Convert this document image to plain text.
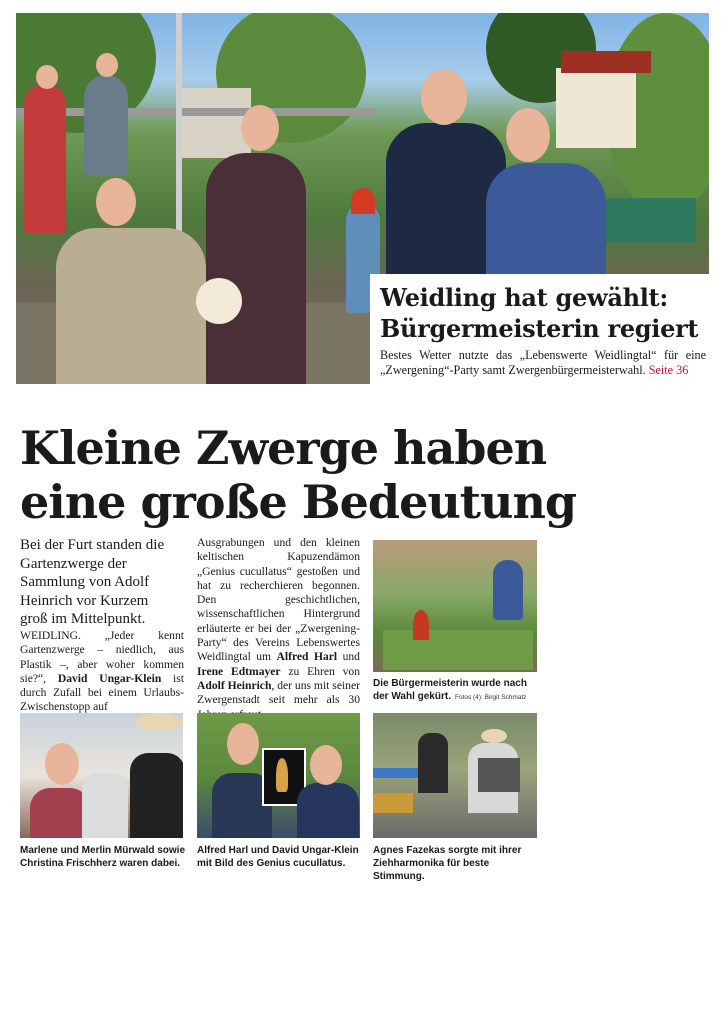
Weidling hat gewählt:
Bürgermeisterin regiert
Bestes Wetter nutzte das „Lebenswerte Weidlingtal“ für eine „Zwergening“-Party samt Zwergenbürgermeisterwahl. Seite 36
Kleine Zwerge haben
eine große Bedeutung
Bei der Furt standen die Gartenzwerge der Sammlung von Adolf Heinrich vor Kurzem groß im Mittelpunkt.
WEIDLING. „Jeder kennt Gartenzwerge – niedlich, aus Plastik –, aber woher kommen sie?“, David Ungar-Klein ist durch Zufall bei einem Urlaubs-Zwischenstopp auf
Ausgrabungen und den kleinen keltischen Kapuzendämon „Genius cucullatus“ gestoßen und hat zu recherchieren begonnen. Den geschichtlichen, wissenschaftlichen Hintergrund erläuterte er bei der „Zwergening-Party“ des Vereins Lebenswertes Weidlingtal um Alfred Harl und Irene Edtmayer zu Ehren von Adolf Heinrich, der uns mit seiner Zwergenstadt seit mehr als 30
Die Bürgermeisterin wurde nach der Wahl gekürt. Fotos (4): Birgit Schmatz
Marlene und Merlin Mürwald sowie Christina Frischherz waren dabei.
Alfred Harl und David Ungar-Klein mit Bild des Genius cucullatus.
Agnes Fazekas sorgte mit ihrer Ziehharmonika für beste Stimmung.
